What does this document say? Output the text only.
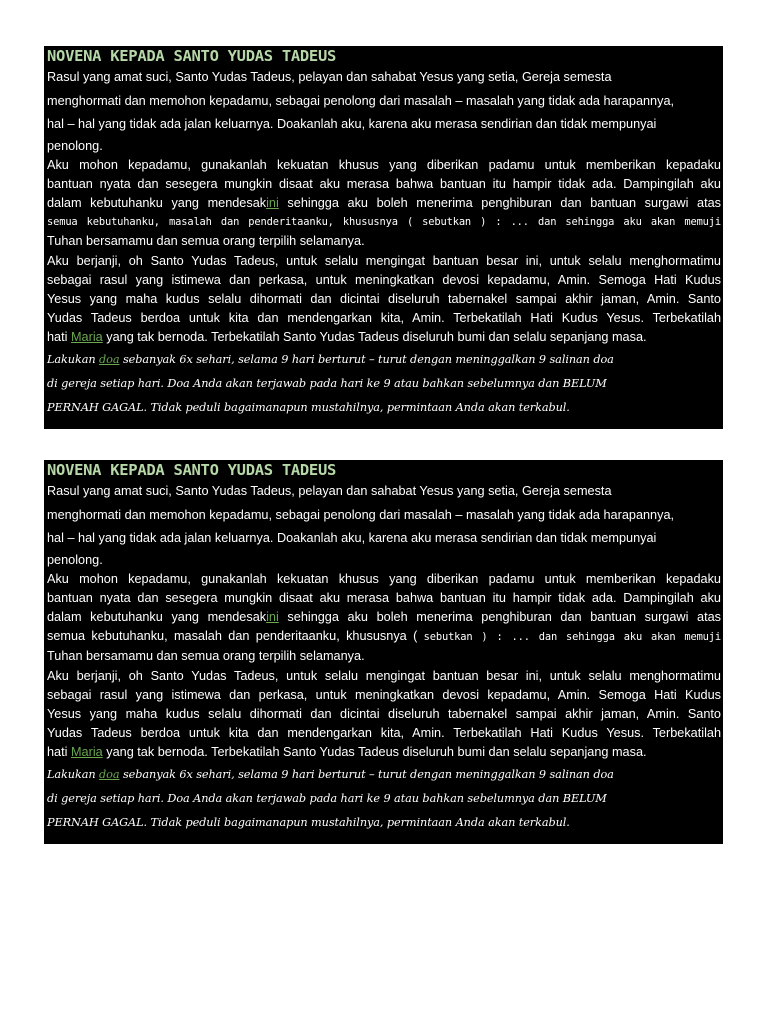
NOVENA KEPADA SANTO YUDAS TADEUS

Rasul yang amat suci, Santo Yudas Tadeus, pelayan dan sahabat Yesus yang setia, Gereja semesta

menghormati dan memohon kepadamu, sebagai penolong dari masalah – masalah yang tidak ada harapannya,

hal – hal yang tidak ada jalan keluarnya. Doakanlah aku, karena aku merasa sendirian dan tidak mempunyai

penolong.

Aku mohon kepadamu, gunakanlah kekuatan khusus yang diberikan padamu untuk memberikan kepadaku
bantuan nyata dan sesegera mungkin disaat aku merasa bahwa bantuan itu hampir tidak ada. Dampingilah aku
dalam kebutuhanku yang mendesakini sehingga aku boleh menerima penghiburan dan bantuan surgawi atas
semua kebutuhanku, masalah dan penderitaanku, khususnya ( sebutkan ) : ... dan sehingga aku akan memuji
Tuhan bersamamu dan semua orang terpilih selamanya.
Aku berjanji, oh Santo Yudas Tadeus, untuk selalu mengingat bantuan besar ini, untuk selalu menghormatimu
sebagai rasul yang istimewa dan perkasa, untuk meningkatkan devosi kepadamu, Amin. Semoga Hati Kudus
Yesus yang maha kudus selalu dihormati dan dicintai diseluruh tabernakel sampai akhir jaman, Amin. Santo
Yudas Tadeus berdoa untuk kita dan mendengarkan kita, Amin. Terbekatilah Hati Kudus Yesus. Terbekatilah
hati Maria yang tak bernoda. Terbekatilah Santo Yudas Tadeus diseluruh bumi dan selalu sepanjang masa.

Lakukan doa sebanyak 6x sehari, selama 9 hari berturut – turut dengan meninggalkan 9 salinan doa

di gereja setiap hari. Doa Anda akan terjawab pada hari ke 9 atau bahkan sebelumnya dan BELUM

PERNAH GAGAL. Tidak peduli bagaimanapun mustahilnya, permintaan Anda akan terkabul.

NOVENA KEPADA SANTO YUDAS TADEUS

Rasul yang amat suci, Santo Yudas Tadeus, pelayan dan sahabat Yesus yang setia, Gereja semesta

menghormati dan memohon kepadamu, sebagai penolong dari masalah – masalah yang tidak ada harapannya,

hal – hal yang tidak ada jalan keluarnya. Doakanlah aku, karena aku merasa sendirian dan tidak mempunyai

penolong.

Aku mohon kepadamu, gunakanlah kekuatan khusus yang diberikan padamu untuk memberikan kepadaku
bantuan nyata dan sesegera mungkin disaat aku merasa bahwa bantuan itu hampir tidak ada. Dampingilah aku
dalam kebutuhanku yang mendesakini sehingga aku boleh menerima penghiburan dan bantuan surgawi atas
semua kebutuhanku, masalah dan penderitaanku, khususnya ( sebutkan ) : ... dan sehingga aku akan memuji
Tuhan bersamamu dan semua orang terpilih selamanya.
Aku berjanji, oh Santo Yudas Tadeus, untuk selalu mengingat bantuan besar ini, untuk selalu menghormatimu
sebagai rasul yang istimewa dan perkasa, untuk meningkatkan devosi kepadamu, Amin. Semoga Hati Kudus
Yesus yang maha kudus selalu dihormati dan dicintai diseluruh tabernakel sampai akhir jaman, Amin. Santo
Yudas Tadeus berdoa untuk kita dan mendengarkan kita, Amin. Terbekatilah Hati Kudus Yesus. Terbekatilah
hati Maria yang tak bernoda. Terbekatilah Santo Yudas Tadeus diseluruh bumi dan selalu sepanjang masa.

Lakukan doa sebanyak 6x sehari, selama 9 hari berturut – turut dengan meninggalkan 9 salinan doa

di gereja setiap hari. Doa Anda akan terjawab pada hari ke 9 atau bahkan sebelumnya dan BELUM

PERNAH GAGAL. Tidak peduli bagaimanapun mustahilnya, permintaan Anda akan terkabul.
